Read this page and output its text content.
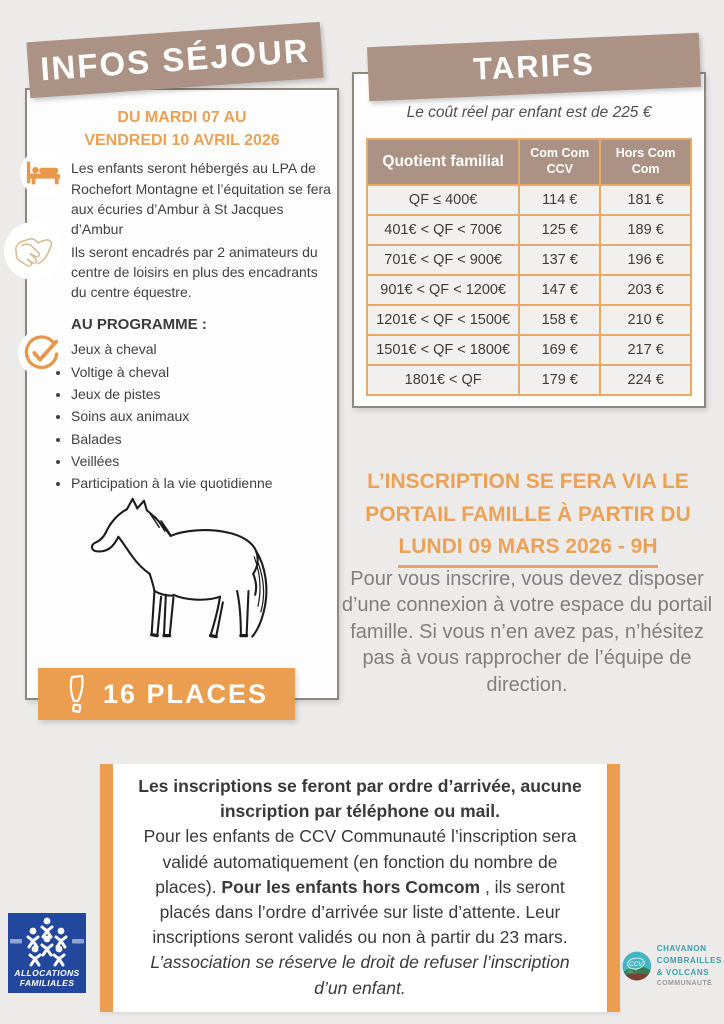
DU MARDI 07 AU
VENDREDI 10 AVRIL 2026
• Les enfants seront hébergés au LPA de Rochefort Montagne et l’équitation se fera aux écuries d’Ambur à St Jacques d’Ambur
• Ils seront encadrés par 2 animateurs du centre de loisirs en plus des encadrants du centre équestre.
AU PROGRAMME :
• Jeux à cheval
• Voltige à cheval
• Jeux de pistes
• Soins aux animaux
• Balades
• Veillées
• Participation à la vie quotidienne
INFOS SÉJOUR
16 PLACES
TARIFS
Le coût réel par enfant est de 225 €
Quotient familial	Com Com CCV	Hors Com Com
QF ≤ 400€	114 €	181 €
401€ < QF < 700€	125 €	189 €
701€ < QF < 900€	137 €	196 €
901€ < QF < 1200€	147 €	203 €
1201€ < QF < 1500€	158 €	210 €
1501€ < QF < 1800€	169 €	217 €
1801€ < QF	179 €	224 €
L’INSCRIPTION SE FERA VIA LE
PORTAIL FAMILLE À PARTIR DU
LUNDI 09 MARS 2026 - 9H
Pour vous inscrire, vous devez disposer d’une connexion à votre espace du portail famille. Si vous n’en avez pas, n’hésitez pas à vous rapprocher de l’équipe de direction.
Les inscriptions se feront par ordre d’arrivée, aucune inscription par téléphone ou mail.
Pour les enfants de CCV Communauté l’inscription sera validé automatiquement (en fonction du nombre de places). Pour les enfants hors Comcom , ils seront placés dans l’ordre d’arrivée sur liste d’attente. Leur inscriptions seront validés ou non à partir du 23 mars.
L’association se réserve le droit de refuser l’inscription d’un enfant.
ALLOCATIONS
FAMILIALES
CCV
CHAVANON
COMBRAILLES
& VOLCANS
COMMUNAUTÉ
